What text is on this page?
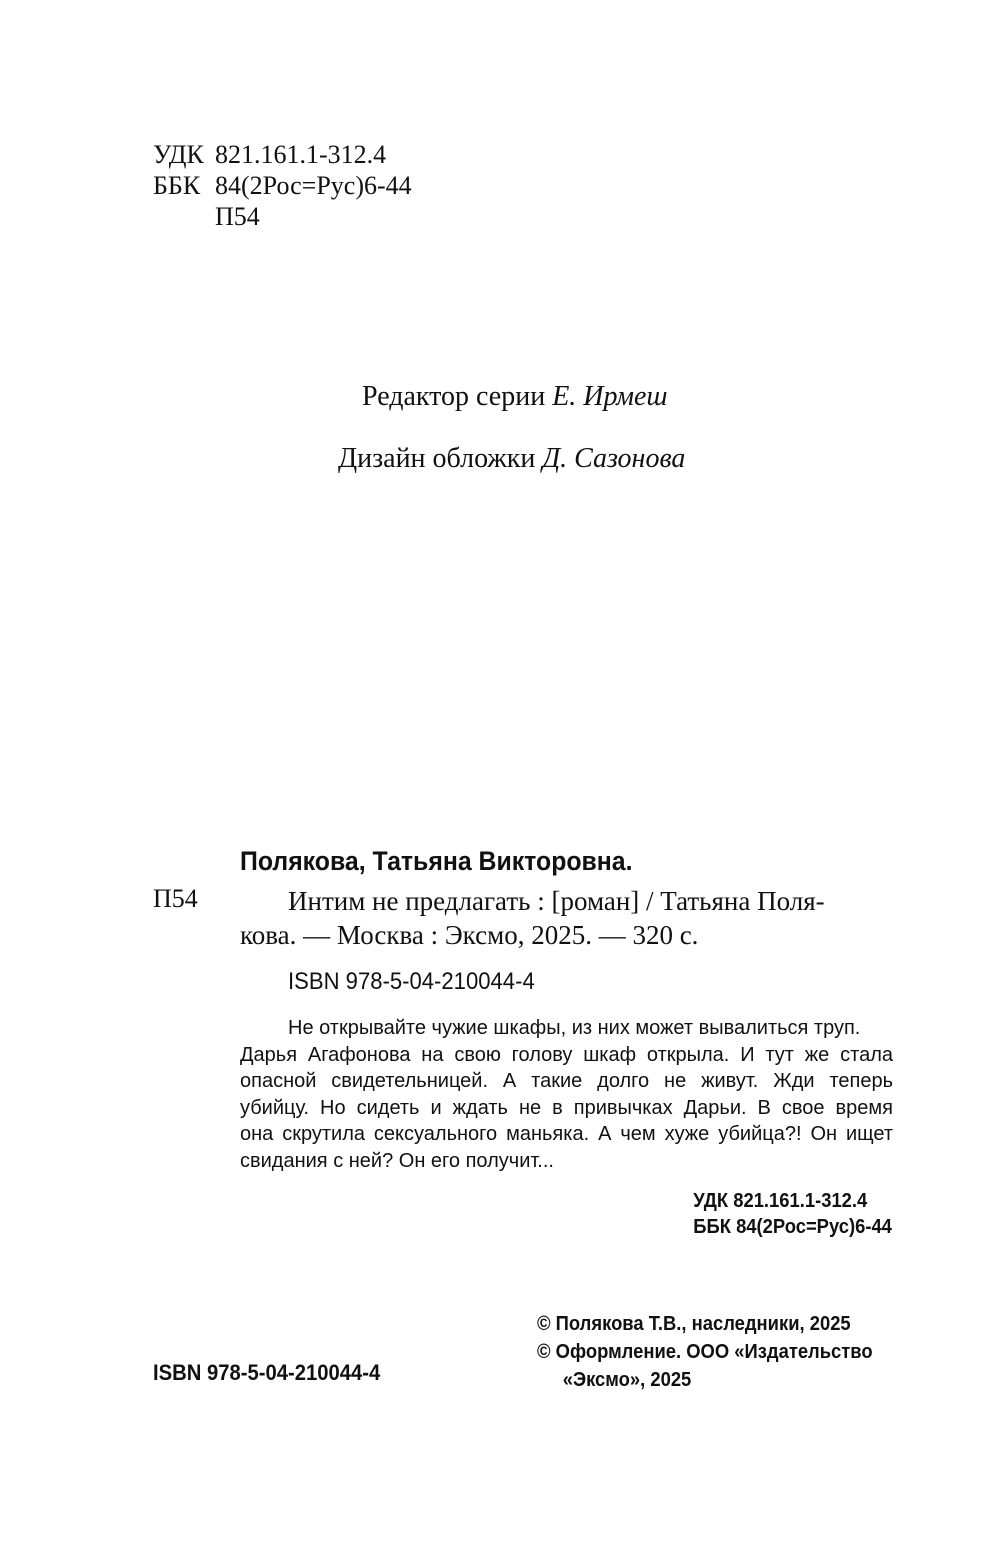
УДК 821.161.1-312.4
ББК 84(2Рос=Рус)6-44
П54
Редактор серии Е. Ирмеш
Дизайн обложки Д. Сазонова
Полякова, Татьяна Викторовна.
П54	Интим не предлагать : [роман] / Татьяна Поля-
кова. — Москва : Эксмо, 2025. — 320 с.
ISBN 978-5-04-210044-4

Не открывайте чужие шкафы, из них может вывалиться труп.

Дарья Агафонова на свою голову шкаф открыла. И тут же стала
опасной свидетельницей. А такие долго не живут. Жди теперь
убийцу. Но сидеть и ждать не в привычках Дарьи. В свое время
она скрутила сексуального маньяка. А чем хуже убийца?! Он ищет
свидания с ней? Он его получит...
УДК 821.161.1-312.4
ББК 84(2Рос=Рус)6-44
ISBN 978-5-04-210044-4
© Полякова Т.В., наследники, 2025
© Оформление. ООО «Издательство
«Эксмо», 2025
